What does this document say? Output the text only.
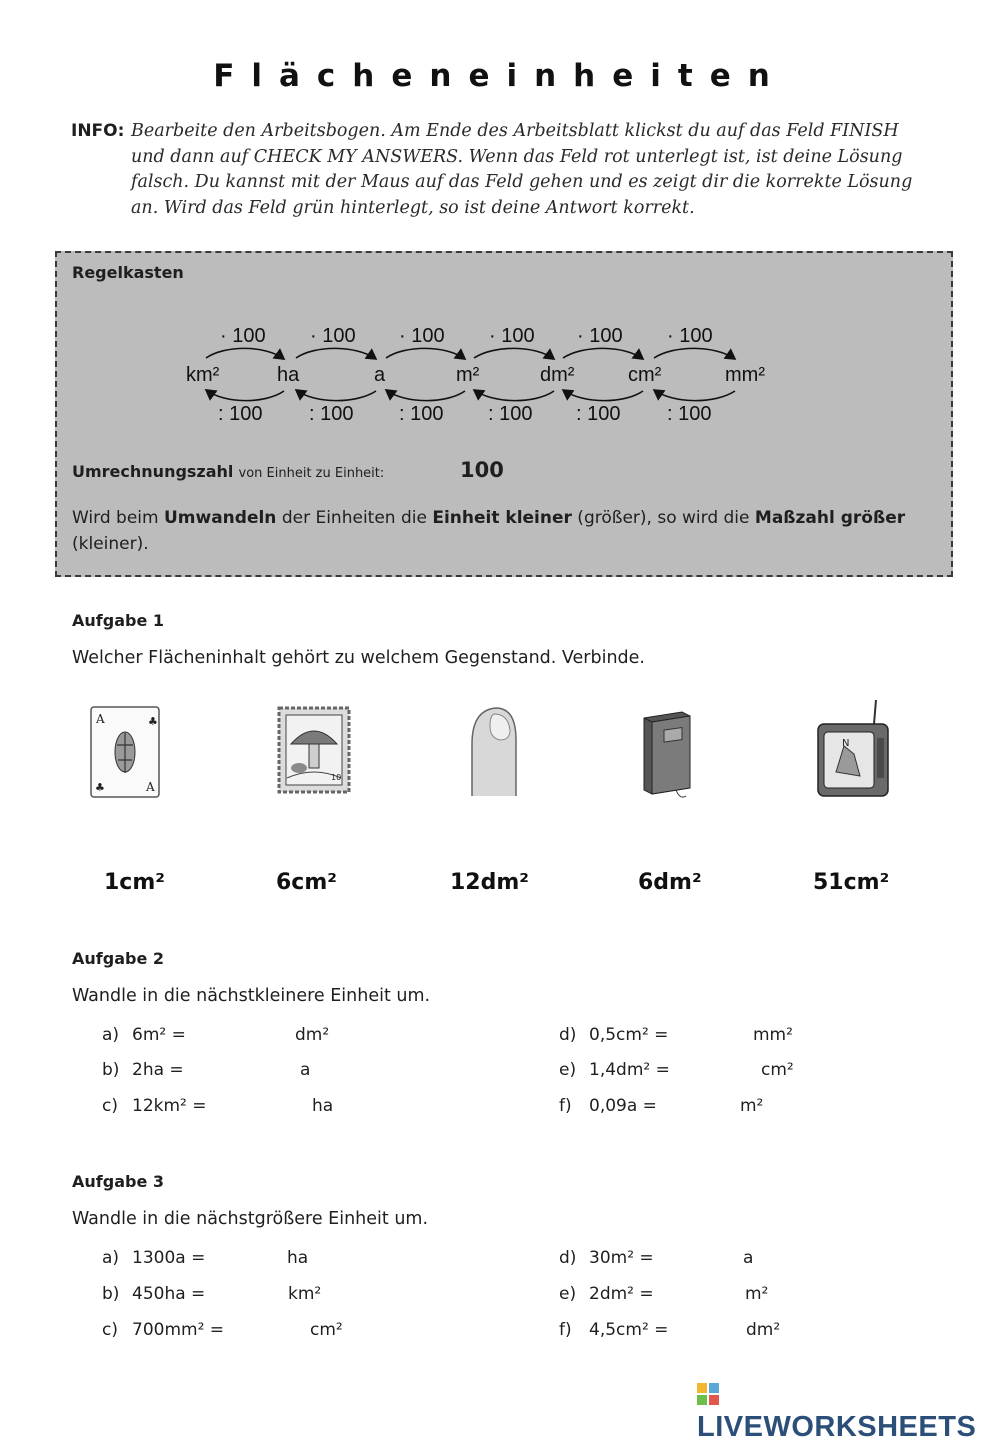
Flächeneinheiten
INFO: Bearbeite den Arbeitsbogen. Am Ende des Arbeitsblatt klickst du auf das Feld FINISH und dann auf CHECK MY ANSWERS. Wenn das Feld rot unterlegt ist, ist deine Lösung falsch. Du kannst mit der Maus auf das Feld gehen und es zeigt dir die korrekte Lösung an. Wird das Feld grün hinterlegt, so ist deine Antwort korrekt.
Regelkasten
km²	ha	a	m²	dm²	cm²	mm²
· 100 · 100 · 100 · 100 · 100 · 100
: 100 : 100 : 100 : 100 : 100 : 100
Umrechnungszahl von Einheit zu Einheit:	100
Wird beim Umwandeln der Einheiten die Einheit kleiner (größer), so wird die Maßzahl größer (kleiner).
Aufgabe 1
Welcher Flächeninhalt gehört zu welchem Gegenstand. Verbinde.
A	♣
♣	A
10
N
1cm²	6cm²	12dm²	6dm²	51cm²
Aufgabe 2
Wandle in die nächstkleinere Einheit um.
a) 6m² =	dm²
b) 2ha =	a
c) 12km² =	ha
d) 0,5cm² =	mm²
e) 1,4dm² =	cm²
f) 0,09a =	m²
Aufgabe 3
Wandle in die nächstgrößere Einheit um.
a) 1300a =	ha
b) 450ha =	km²
c) 700mm² =	cm²
d) 30m² =	a
e) 2dm² =	m²
f) 4,5cm² =	dm²
LIVEWORKSHEETS
